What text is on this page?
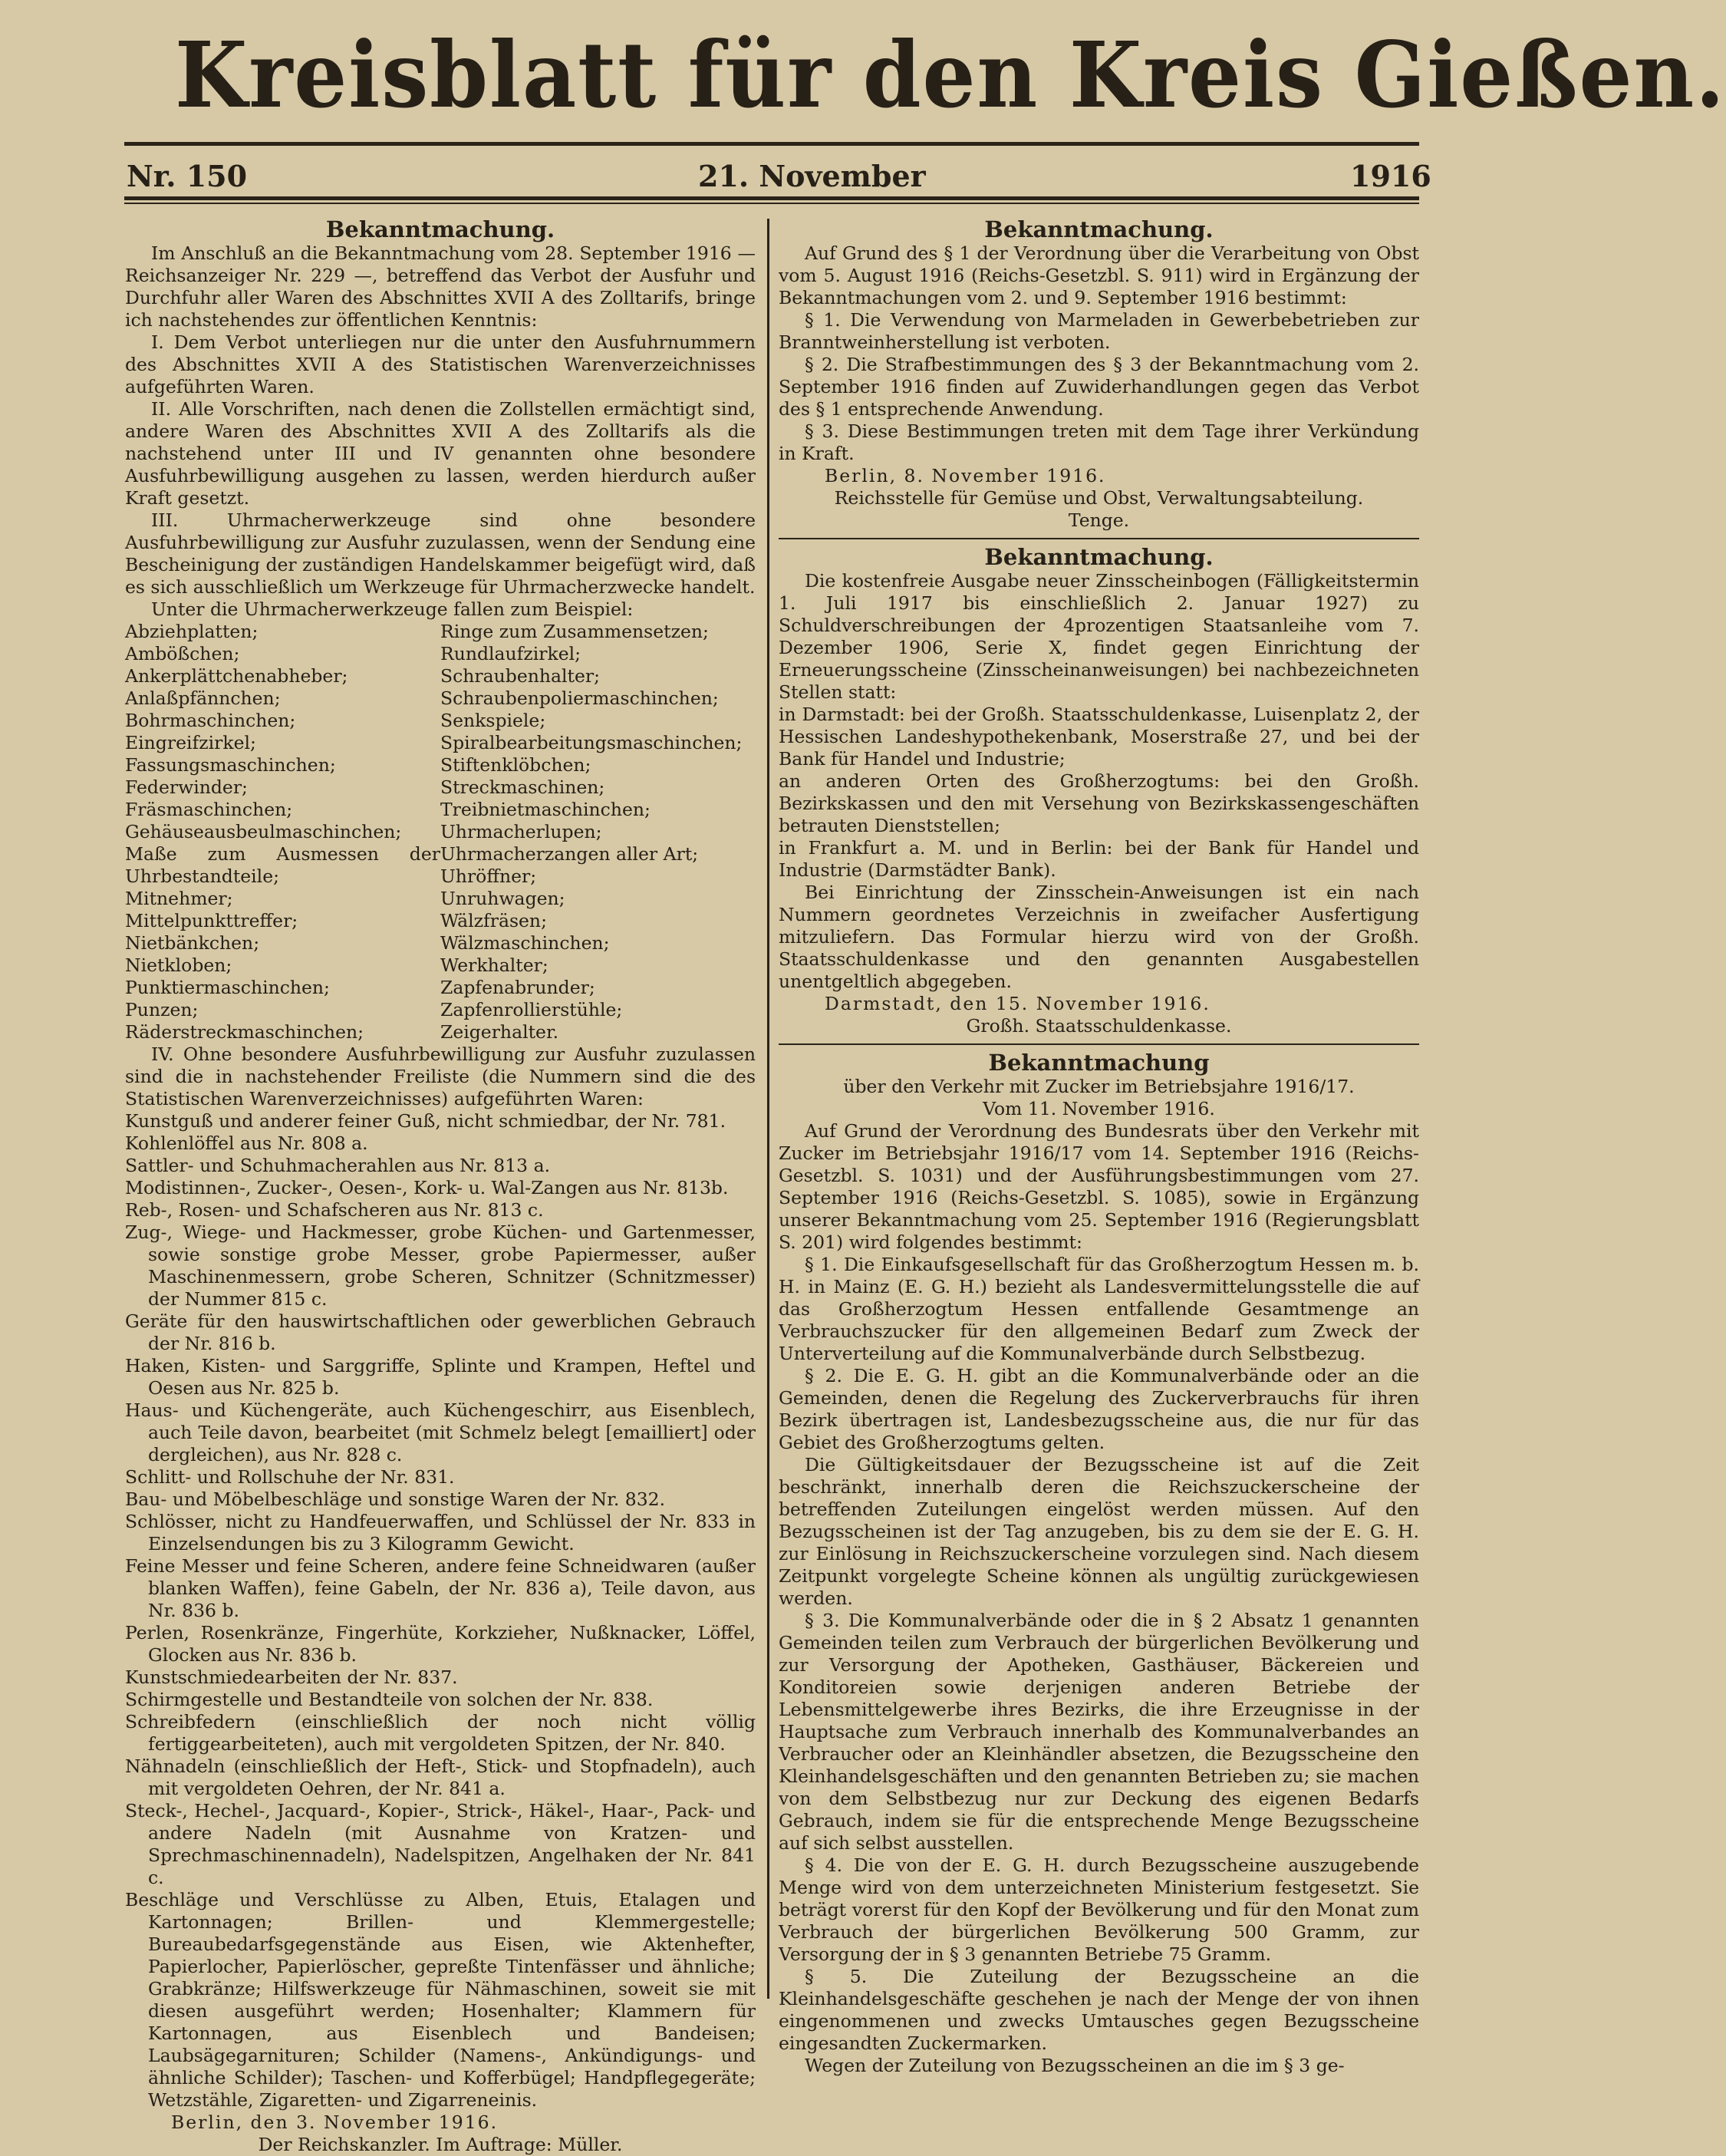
Kreisblatt für den Kreis Gießen.
Nr. 150	21. November	1916

Bekanntmachung.

Im Anschluß an die Bekanntmachung vom 28. September 1916 — Reichsanzeiger Nr. 229 —, betreffend das Verbot der Ausfuhr und Durchfuhr aller Waren des Abschnittes XVII A des Zolltarifs, bringe ich nachstehendes zur öffentlichen Kenntnis:

I. Dem Verbot unterliegen nur die unter den Ausfuhrnummern des Abschnittes XVII A des Statistischen Warenverzeichnisses aufgeführten Waren.

II. Alle Vorschriften, nach denen die Zollstellen ermächtigt sind, andere Waren des Abschnittes XVII A des Zolltarifs als die nachstehend unter III und IV genannten ohne besondere Ausfuhrbewilligung ausgehen zu lassen, werden hierdurch außer Kraft gesetzt.

III. Uhrmacherwerkzeuge sind ohne besondere Ausfuhrbewilligung zur Ausfuhr zuzulassen, wenn der Sendung eine Bescheinigung der zuständigen Handelskammer beigefügt wird, daß es sich ausschließlich um Werkzeuge für Uhrmacherzwecke handelt.

Unter die Uhrmacherwerkzeuge fallen zum Beispiel:

Abziehplatten;

Ambößchen;

Ankerplättchenabheber;

Anlaßpfännchen;

Bohrmaschinchen;

Eingreifzirkel;

Fassungsmaschinchen;

Federwinder;

Fräsmaschinchen;

Gehäuseausbeulmaschinchen;

Maße zum Ausmessen der Uhrbestandteile;

Mitnehmer;

Mittelpunkttreffer;

Nietbänkchen;

Nietkloben;

Punktiermaschinchen;

Punzen;

Räderstreckmaschinchen;

Ringe zum Zusammensetzen;

Rundlaufzirkel;

Schraubenhalter;

Schraubenpoliermaschinchen;

Senkspiele;

Spiralbearbeitungsmaschinchen;

Stiftenklöbchen;

Streckmaschinen;

Treibnietmaschinchen;

Uhrmacherlupen;

Uhrmacherzangen aller Art;

Uhröffner;

Unruhwagen;

Wälzfräsen;

Wälzmaschinchen;

Werkhalter;

Zapfenabrunder;

Zapfenrollierstühle;

Zeigerhalter.

IV. Ohne besondere Ausfuhrbewilligung zur Ausfuhr zuzulassen sind die in nachstehender Freiliste (die Nummern sind die des Statistischen Warenverzeichnisses) aufgeführten Waren:

Kunstguß und anderer feiner Guß, nicht schmiedbar, der Nr. 781.

Kohlenlöffel aus Nr. 808 a.

Sattler- und Schuhmacherahlen aus Nr. 813 a.

Modistinnen-, Zucker-, Oesen-, Kork- u. Wal-Zangen aus Nr. 813b.

Reb-, Rosen- und Schafscheren aus Nr. 813 c.

Zug-, Wiege- und Hackmesser, grobe Küchen- und Gartenmesser, sowie sonstige grobe Messer, grobe Papiermesser, außer Maschinenmessern, grobe Scheren, Schnitzer (Schnitzmesser) der Nummer 815 c.

Geräte für den hauswirtschaftlichen oder gewerblichen Gebrauch der Nr. 816 b.

Haken, Kisten- und Sarggriffe, Splinte und Krampen, Heftel und Oesen aus Nr. 825 b.

Haus- und Küchengeräte, auch Küchengeschirr, aus Eisenblech, auch Teile davon, bearbeitet (mit Schmelz belegt [emailliert] oder dergleichen), aus Nr. 828 c.

Schlitt- und Rollschuhe der Nr. 831.

Bau- und Möbelbeschläge und sonstige Waren der Nr. 832.

Schlösser, nicht zu Handfeuerwaffen, und Schlüssel der Nr. 833 in Einzelsendungen bis zu 3 Kilogramm Gewicht.

Feine Messer und feine Scheren, andere feine Schneidwaren (außer blanken Waffen), feine Gabeln, der Nr. 836 a), Teile davon, aus Nr. 836 b.

Perlen, Rosenkränze, Fingerhüte, Korkzieher, Nußknacker, Löffel, Glocken aus Nr. 836 b.

Kunstschmiedearbeiten der Nr. 837.

Schirmgestelle und Bestandteile von solchen der Nr. 838.

Schreibfedern (einschließlich der noch nicht völlig fertiggearbeiteten), auch mit vergoldeten Spitzen, der Nr. 840.

Nähnadeln (einschließlich der Heft-, Stick- und Stopfnadeln), auch mit vergoldeten Oehren, der Nr. 841 a.

Steck-, Hechel-, Jacquard-, Kopier-, Strick-, Häkel-, Haar-, Pack- und andere Nadeln (mit Ausnahme von Kratzen- und Sprechmaschinennadeln), Nadelspitzen, Angelhaken der Nr. 841 c.

Beschläge und Verschlüsse zu Alben, Etuis, Etalagen und Kartonnagen; Brillen- und Klemmergestelle; Bureaubedarfsgegenstände aus Eisen, wie Aktenhefter, Papierlocher, Papierlöscher, gepreßte Tintenfässer und ähnliche; Grabkränze; Hilfswerkzeuge für Nähmaschinen, soweit sie mit diesen ausgeführt werden; Hosenhalter; Klammern für Kartonnagen, aus Eisenblech und Bandeisen; Laubsägegarnituren; Schilder (Namens-, Ankündigungs- und ähnliche Schilder); Taschen- und Kofferbügel; Handpflegegeräte; Wetzstähle, Zigaretten- und Zigarreneinis.

Berlin, den 3. November 1916.

Der Reichskanzler. Im Auftrage: Müller.

Bekanntmachung.

Auf Grund des § 1 der Verordnung über die Verarbeitung von Obst vom 5. August 1916 (Reichs-Gesetzbl. S. 911) wird in Ergänzung der Bekanntmachungen vom 2. und 9. September 1916 bestimmt:

§ 1. Die Verwendung von Marmeladen in Gewerbebetrieben zur Branntweinherstellung ist verboten.

§ 2. Die Strafbestimmungen des § 3 der Bekanntmachung vom 2. September 1916 finden auf Zuwiderhandlungen gegen das Verbot des § 1 entsprechende Anwendung.

§ 3. Diese Bestimmungen treten mit dem Tage ihrer Verkündung in Kraft.

Berlin, 8. November 1916.

Reichsstelle für Gemüse und Obst, Verwaltungsabteilung.

Tenge.

Bekanntmachung.

Die kostenfreie Ausgabe neuer Zinsscheinbogen (Fälligkeitstermin 1. Juli 1917 bis einschließlich 2. Januar 1927) zu Schuldverschreibungen der 4prozentigen Staatsanleihe vom 7. Dezember 1906, Serie X, findet gegen Einrichtung der Erneuerungsscheine (Zinsscheinanweisungen) bei nachbezeichneten Stellen statt:

in Darmstadt: bei der Großh. Staatsschuldenkasse, Luisenplatz 2, der Hessischen Landeshypothekenbank, Moserstraße 27, und bei der Bank für Handel und Industrie;

an anderen Orten des Großherzogtums: bei den Großh. Bezirkskassen und den mit Versehung von Bezirkskassengeschäften betrauten Dienststellen;

in Frankfurt a. M. und in Berlin: bei der Bank für Handel und Industrie (Darmstädter Bank).

Bei Einrichtung der Zinsschein-Anweisungen ist ein nach Nummern geordnetes Verzeichnis in zweifacher Ausfertigung mitzuliefern. Das Formular hierzu wird von der Großh. Staatsschuldenkasse und den genannten Ausgabestellen unentgeltlich abgegeben.

Darmstadt, den 15. November 1916.

Großh. Staatsschuldenkasse.

Bekanntmachung

über den Verkehr mit Zucker im Betriebsjahre 1916/17.

Vom 11. November 1916.

Auf Grund der Verordnung des Bundesrats über den Verkehr mit Zucker im Betriebsjahr 1916/17 vom 14. September 1916 (Reichs-Gesetzbl. S. 1031) und der Ausführungsbestimmungen vom 27. September 1916 (Reichs-Gesetzbl. S. 1085), sowie in Ergänzung unserer Bekanntmachung vom 25. September 1916 (Regierungsblatt S. 201) wird folgendes bestimmt:

§ 1. Die Einkaufsgesellschaft für das Großherzogtum Hessen m. b. H. in Mainz (E. G. H.) bezieht als Landesvermittelungsstelle die auf das Großherzogtum Hessen entfallende Gesamtmenge an Verbrauchszucker für den allgemeinen Bedarf zum Zweck der Unterverteilung auf die Kommunalverbände durch Selbstbezug.

§ 2. Die E. G. H. gibt an die Kommunalverbände oder an die Gemeinden, denen die Regelung des Zuckerverbrauchs für ihren Bezirk übertragen ist, Landesbezugsscheine aus, die nur für das Gebiet des Großherzogtums gelten.

Die Gültigkeitsdauer der Bezugsscheine ist auf die Zeit beschränkt, innerhalb deren die Reichszuckerscheine der betreffenden Zuteilungen eingelöst werden müssen. Auf den Bezugsscheinen ist der Tag anzugeben, bis zu dem sie der E. G. H. zur Einlösung in Reichszuckerscheine vorzulegen sind. Nach diesem Zeitpunkt vorgelegte Scheine können als ungültig zurückgewiesen werden.

§ 3. Die Kommunalverbände oder die in § 2 Absatz 1 genannten Gemeinden teilen zum Verbrauch der bürgerlichen Bevölkerung und zur Versorgung der Apotheken, Gasthäuser, Bäckereien und Konditoreien sowie derjenigen anderen Betriebe der Lebensmittelgewerbe ihres Bezirks, die ihre Erzeugnisse in der Hauptsache zum Verbrauch innerhalb des Kommunalverbandes an Verbraucher oder an Kleinhändler absetzen, die Bezugsscheine den Kleinhandelsgeschäften und den genannten Betrieben zu; sie machen von dem Selbstbezug nur zur Deckung des eigenen Bedarfs Gebrauch, indem sie für die entsprechende Menge Bezugsscheine auf sich selbst ausstellen.

§ 4. Die von der E. G. H. durch Bezugsscheine auszugebende Menge wird von dem unterzeichneten Ministerium festgesetzt. Sie beträgt vorerst für den Kopf der Bevölkerung und für den Monat zum Verbrauch der bürgerlichen Bevölkerung 500 Gramm, zur Versorgung der in § 3 genannten Betriebe 75 Gramm.

§ 5. Die Zuteilung der Bezugsscheine an die Kleinhandelsgeschäfte geschehen je nach der Menge der von ihnen eingenommenen und zwecks Umtausches gegen Bezugsscheine eingesandten Zuckermarken.

Wegen der Zuteilung von Bezugsscheinen an die im § 3 ge-
